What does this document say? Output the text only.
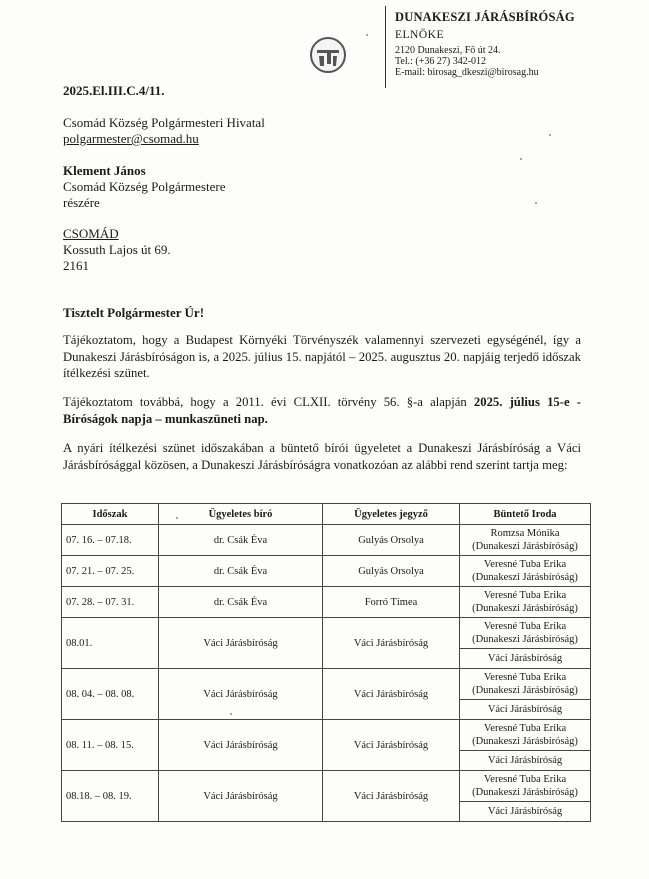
DUNAKESZI JÁRÁSBÍRÓSÁG
ELNÖKE
2120 Dunakeszi, Fő út 24.
Tel.: (+36 27) 342-012
E-mail: birosag_dkeszi@birosag.hu
2025.El.III.C.4/11.
Csomád Község Polgármesteri Hivatal
polgarmester@csomad.hu
Klement János
Csomád Község Polgármestere
részére
CSOMÁD
Kossuth Lajos út 69.
2161
Tisztelt Polgármester Úr!
Tájékoztatom, hogy a Budapest Környéki Törvényszék valamennyi szervezeti egységénél, így a Dunakeszi Járásbíróságon is, a 2025. július 15. napjától – 2025. augusztus 20. napjáig terjedő időszak ítélkezési szünet.
Tájékoztatom továbbá, hogy a 2011. évi CLXII. törvény 56. §-a alapján 2025. július 15-e - Bíróságok napja – munkaszüneti nap.
A nyári ítélkezési szünet időszakában a büntető bírói ügyeletet a Dunakeszi Járásbíróság a Váci Járásbírósággal közösen, a Dunakeszi Járásbíróságra vonatkozóan az alábbi rend szerint tartja meg:
Időszak	Ügyeletes bíró	Ügyeletes jegyző	Büntető Iroda
07. 16. – 07.18.	dr. Csák Éva	Gulyás Orsolya	Romzsa Mónika
(Dunakeszi Járásbíróság)

07. 21. – 07. 25.	dr. Csák Éva	Gulyás Orsolya	Veresné Tuba Erika
(Dunakeszi Járásbíróság)

07. 28. – 07. 31.	dr. Csák Éva	Forró Tímea	Veresné Tuba Erika
(Dunakeszi Járásbíróság)

08.01.	Váci Járásbíróság	Váci Járásbíróság	Veresné Tuba Erika
(Dunakeszi Járásbíróság)

			Váci Járásbíróság
08. 04. – 08. 08.	Váci Járásbíróság	Váci Járásbíróság	Veresné Tuba Erika
(Dunakeszi Járásbíróság)

			Váci Járásbíróság
08. 11. – 08. 15.	Váci Járásbíróság	Váci Járásbíróság	Veresné Tuba Erika
(Dunakeszi Járásbíróság)

			Váci Járásbíróság
08.18. – 08. 19.	Váci Járásbíróság	Váci Járásbíróság	Veresné Tuba Erika
(Dunakeszi Járásbíróság)

			Váci Járásbíróság
